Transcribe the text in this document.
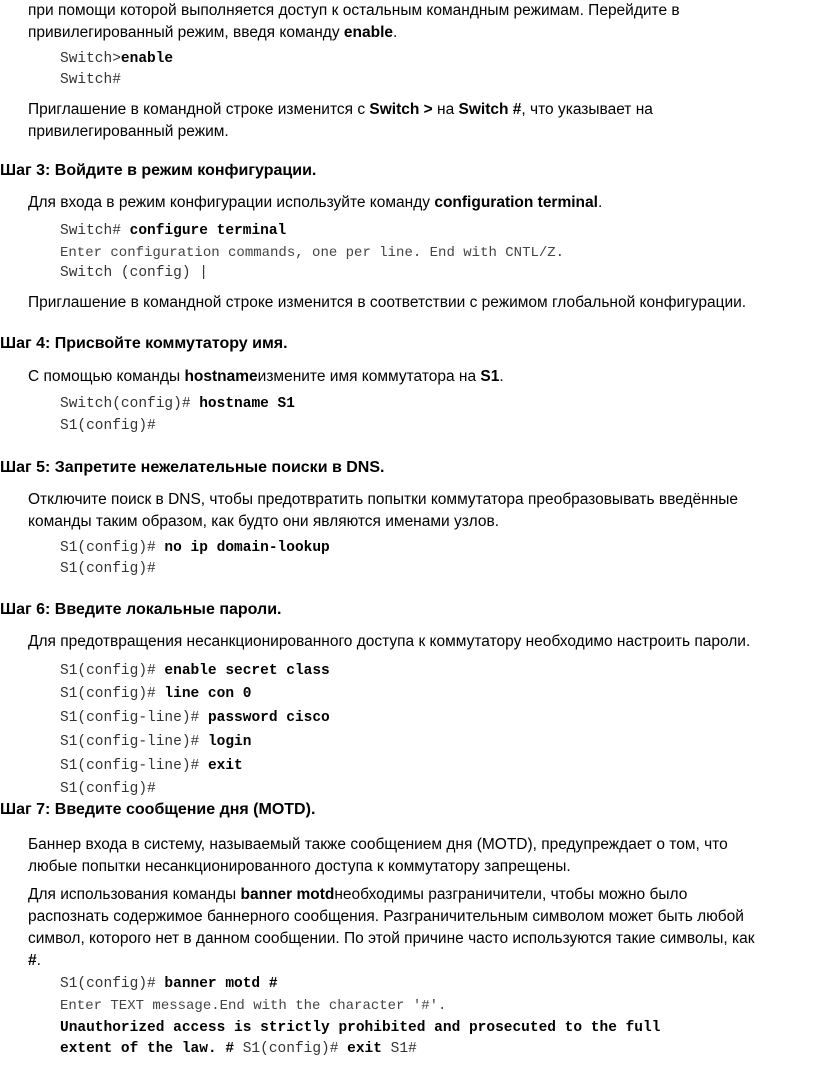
при помощи которой выполняется доступ к остальным командным режимам. Перейдите в
привилегированный режим, введя команду enable.
Switch>enable
Switch#
Приглашение в командной строке изменится с Switch > на Switch #, что указывает на
привилегированный режим.
Шаг 3: Войдите в режим конфигурации.
Для входа в режим конфигурации используйте команду configuration terminal.
Switch# configure terminal
Enter configuration commands, one per line. End with CNTL/Z.
Switch (config) |
Приглашение в командной строке изменится в соответствии с режимом глобальной конфигурации.
Шаг 4: Присвойте коммутатору имя.
С помощью команды hostnameизмените имя коммутатора на S1.
Switch(config)# hostname S1
S1(config)#
Шаг 5: Запретите нежелательные поиски в DNS.
Отключите поиск в DNS, чтобы предотвратить попытки коммутатора преобразовывать введённые
команды таким образом, как будто они являются именами узлов.
S1(config)# no ip domain-lookup
S1(config)#
Шаг 6: Введите локальные пароли.
Для предотвращения несанкционированного доступа к коммутатору необходимо настроить пароли.
S1(config)# enable secret class
S1(config)# line con 0
S1(config-line)# password cisco
S1(config-line)# login
S1(config-line)# exit
S1(config)#
Шаг 7: Введите сообщение дня (MOTD).
Баннер входа в систему, называемый также сообщением дня (MOTD), предупреждает о том, что
любые попытки несанкционированного доступа к коммутатору запрещены.
Для использования команды banner motdнеобходимы разграничители, чтобы можно было
распознать содержимое баннерного сообщения. Разграничительным символом может быть любой
символ, которого нет в данном сообщении. По этой причине часто используются такие символы, как
#.
S1(config)# banner motd #
Enter TEXT message.End with the character '#'.
Unauthorized access is strictly prohibited and prosecuted to the full
extent of the law. # S1(config)# exit S1#
